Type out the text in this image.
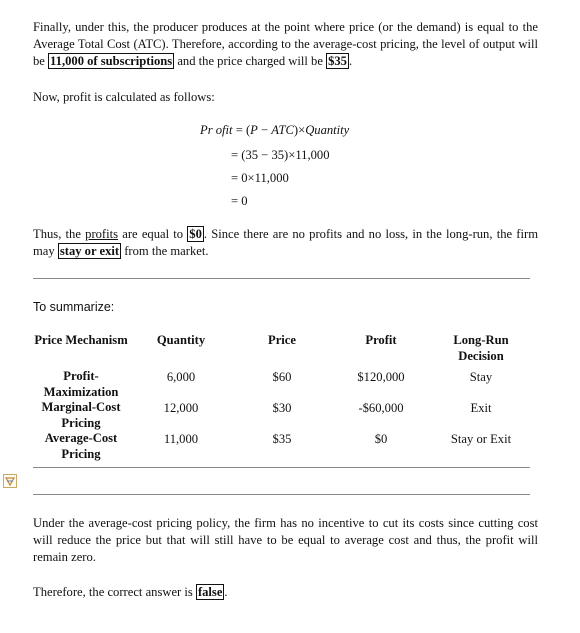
Finally, under this, the producer produces at the point where price (or the demand) is equal to the Average Total Cost (ATC). Therefore, according to the average-cost pricing, the level of output will be 11,000 of subscriptions and the price charged will be $35 .

Now, profit is calculated as follows:

Pr ofit = (P − ATC)×Quantity
= (35 − 35)×11,000
= 0×11,000
= 0

Thus, the profits are equal to $0 . Since there are no profits and no loss, in the long-run, the firm may stay or exit from the market.

To summarize:

Price Mechanism	Quantity	Price	Profit	Long-Run Decision
Profit-Maximization	6,000	$60	$120,000	Stay
Marginal-Cost Pricing	12,000	$30	-$60,000	Exit
Average-Cost Pricing	11,000	$35	$0	Stay or Exit

Under the average-cost pricing policy, the firm has no incentive to cut its costs since cutting cost will reduce the price but that will still have to be equal to average cost and thus, the profit will remain zero.

Therefore, the correct answer is false .
